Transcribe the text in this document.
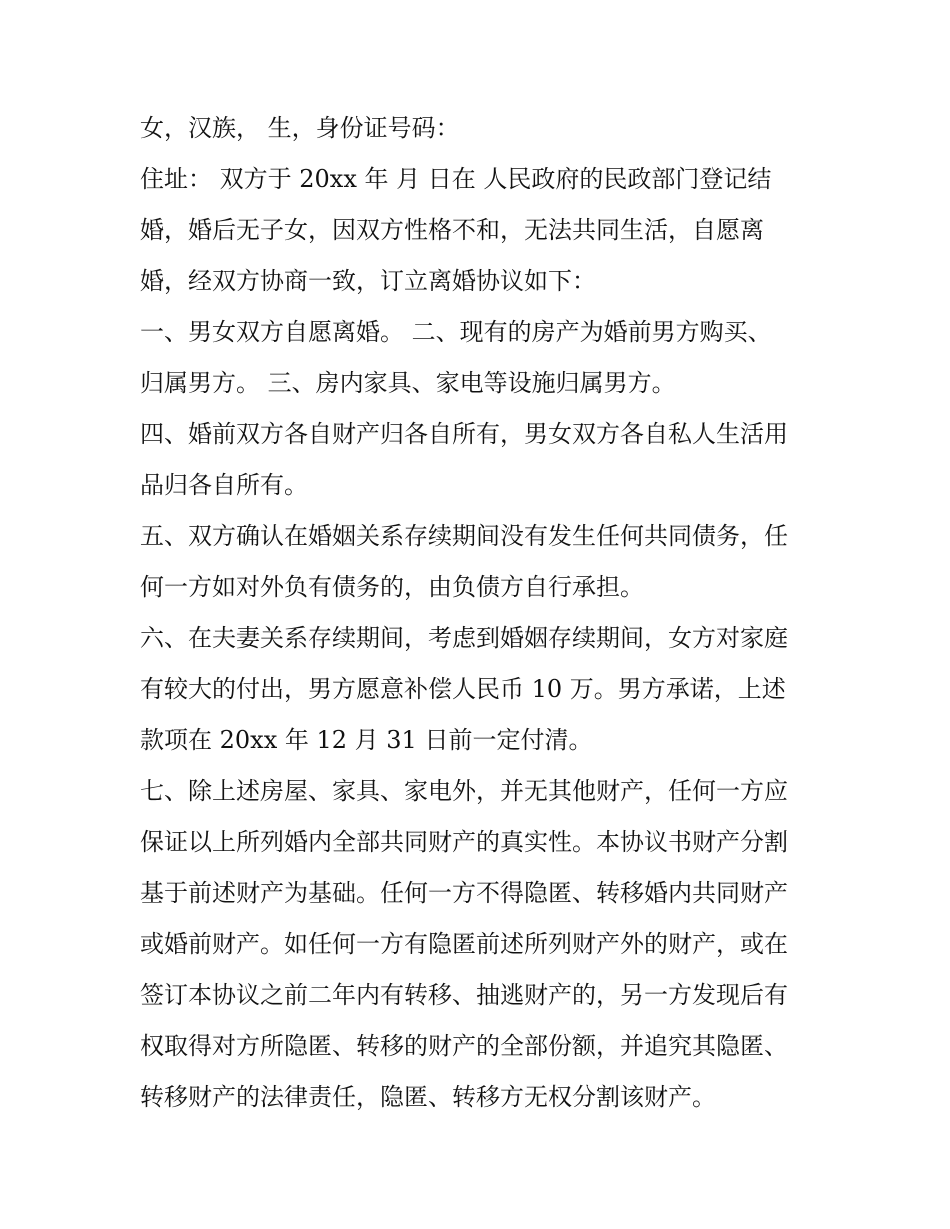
女，汉族， 生，身份证号码：
住址： 双方于 20xx 年 月 日在 人民政府的民政部门登记结
婚，婚后无子女，因双方性格不和，无法共同生活，自愿离
婚，经双方协商一致，订立离婚协议如下：
一、男女双方自愿离婚。 二、现有的房产为婚前男方购买、
归属男方。 三、房内家具、家电等设施归属男方。
四、婚前双方各自财产归各自所有，男女双方各自私人生活用
品归各自所有。
五、双方确认在婚姻关系存续期间没有发生任何共同债务，任
何一方如对外负有债务的，由负债方自行承担。
六、在夫妻关系存续期间，考虑到婚姻存续期间，女方对家庭
有较大的付出，男方愿意补偿人民币 10 万。男方承诺，上述
款项在 20xx 年 12 月 31 日前一定付清。
七、除上述房屋、家具、家电外，并无其他财产，任何一方应
保证以上所列婚内全部共同财产的真实性。本协议书财产分割
基于前述财产为基础。任何一方不得隐匿、转移婚内共同财产
或婚前财产。如任何一方有隐匿前述所列财产外的财产，或在
签订本协议之前二年内有转移、抽逃财产的，另一方发现后有
权取得对方所隐匿、转移的财产的全部份额，并追究其隐匿、
转移财产的法律责任，隐匿、转移方无权分割该财产。
